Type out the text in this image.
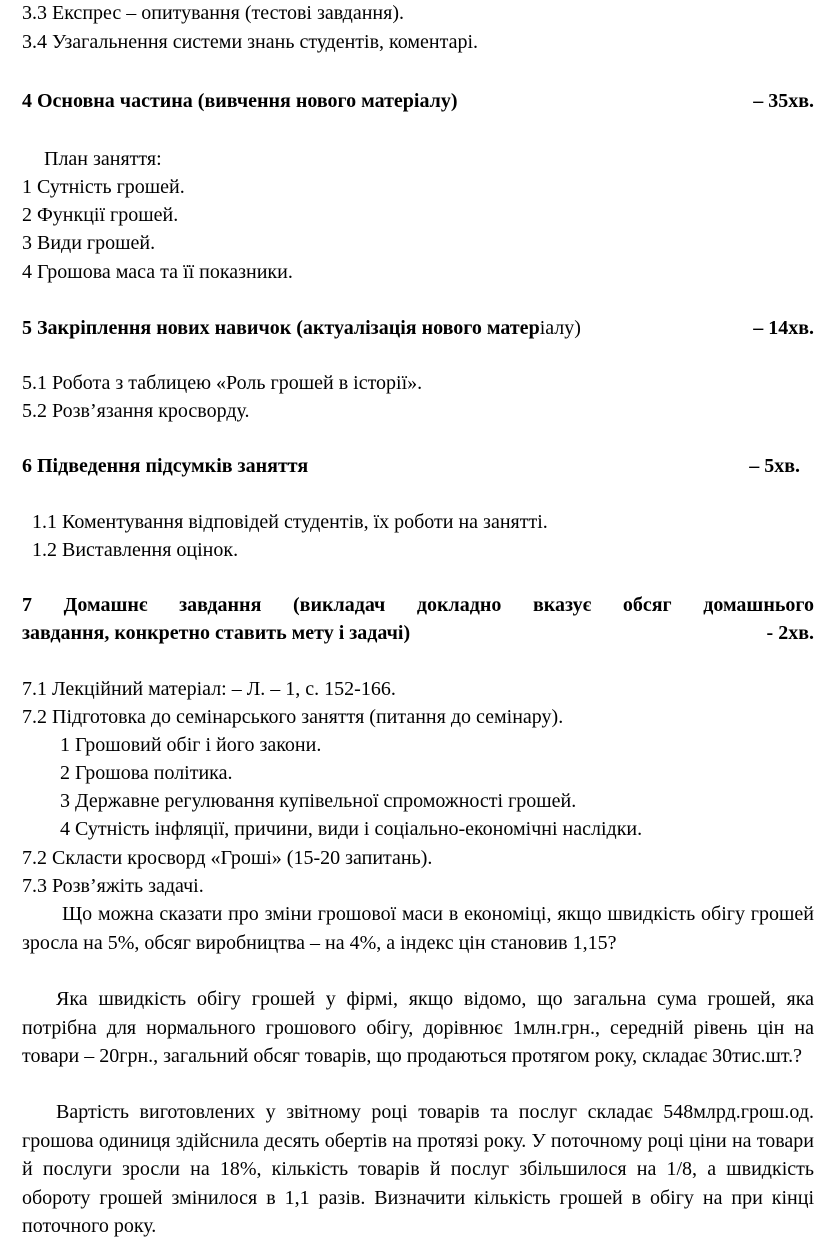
3.3 Експрес – опитування (тестові завдання).
3.4 Узагальнення системи знань студентів, коментарі.
4 Основна частина (вивчення нового матеріалу)	– 35хв.
План заняття:
1 Сутність грошей.
2 Функції грошей.
3 Види грошей.
4 Грошова маса та її показники.
5 Закріплення нових навичок (актуалізація нового матеріалу)	– 14хв.
5.1 Робота з таблицею «Роль грошей в історії».
5.2 Розв’язання кросворду.
6 Підведення підсумків заняття	– 5хв.
1.1 Коментування відповідей студентів, їх роботи на занятті.
1.2 Виставлення оцінок.
7 Домашнє завдання (викладач докладно вказує обсяг домашнього
завдання, конкретно ставить мету і задачі)	- 2хв.
7.1 Лекційний матеріал: – Л. – 1, с. 152-166.
7.2 Підготовка до семінарського заняття (питання до семінару).
1 Грошовий обіг і його закони.
2 Грошова політика.
3 Державне регулювання купівельної спроможності грошей.
4 Сутність інфляції, причини, види і соціально-економічні наслідки.
7.2 Скласти кросворд «Гроші» (15-20 запитань).
7.3 Розв’яжіть задачі.
Що можна сказати про зміни грошової маси в економіці, якщо швидкість обігу грошей зросла на 5%, обсяг виробництва – на 4%, а індекс цін становив 1,15?
Яка швидкість обігу грошей у фірмі, якщо відомо, що загальна сума грошей, яка потрібна для нормального грошового обігу, дорівнює 1млн.грн., середній рівень цін на товари – 20грн., загальний обсяг товарів, що продаються протягом року, складає 30тис.шт.?
Вартість виготовлених у звітному році товарів та послуг складає 548млрд.грош.од. грошова одиниця здійснила десять обертів на протязі року. У поточному році ціни на товари й послуги зросли на 18%, кількість товарів й послуг збільшилося на 1/8, а швидкість обороту грошей змінилося в 1,1 разів. Визначити кількість грошей в обігу на при кінці поточного року.
